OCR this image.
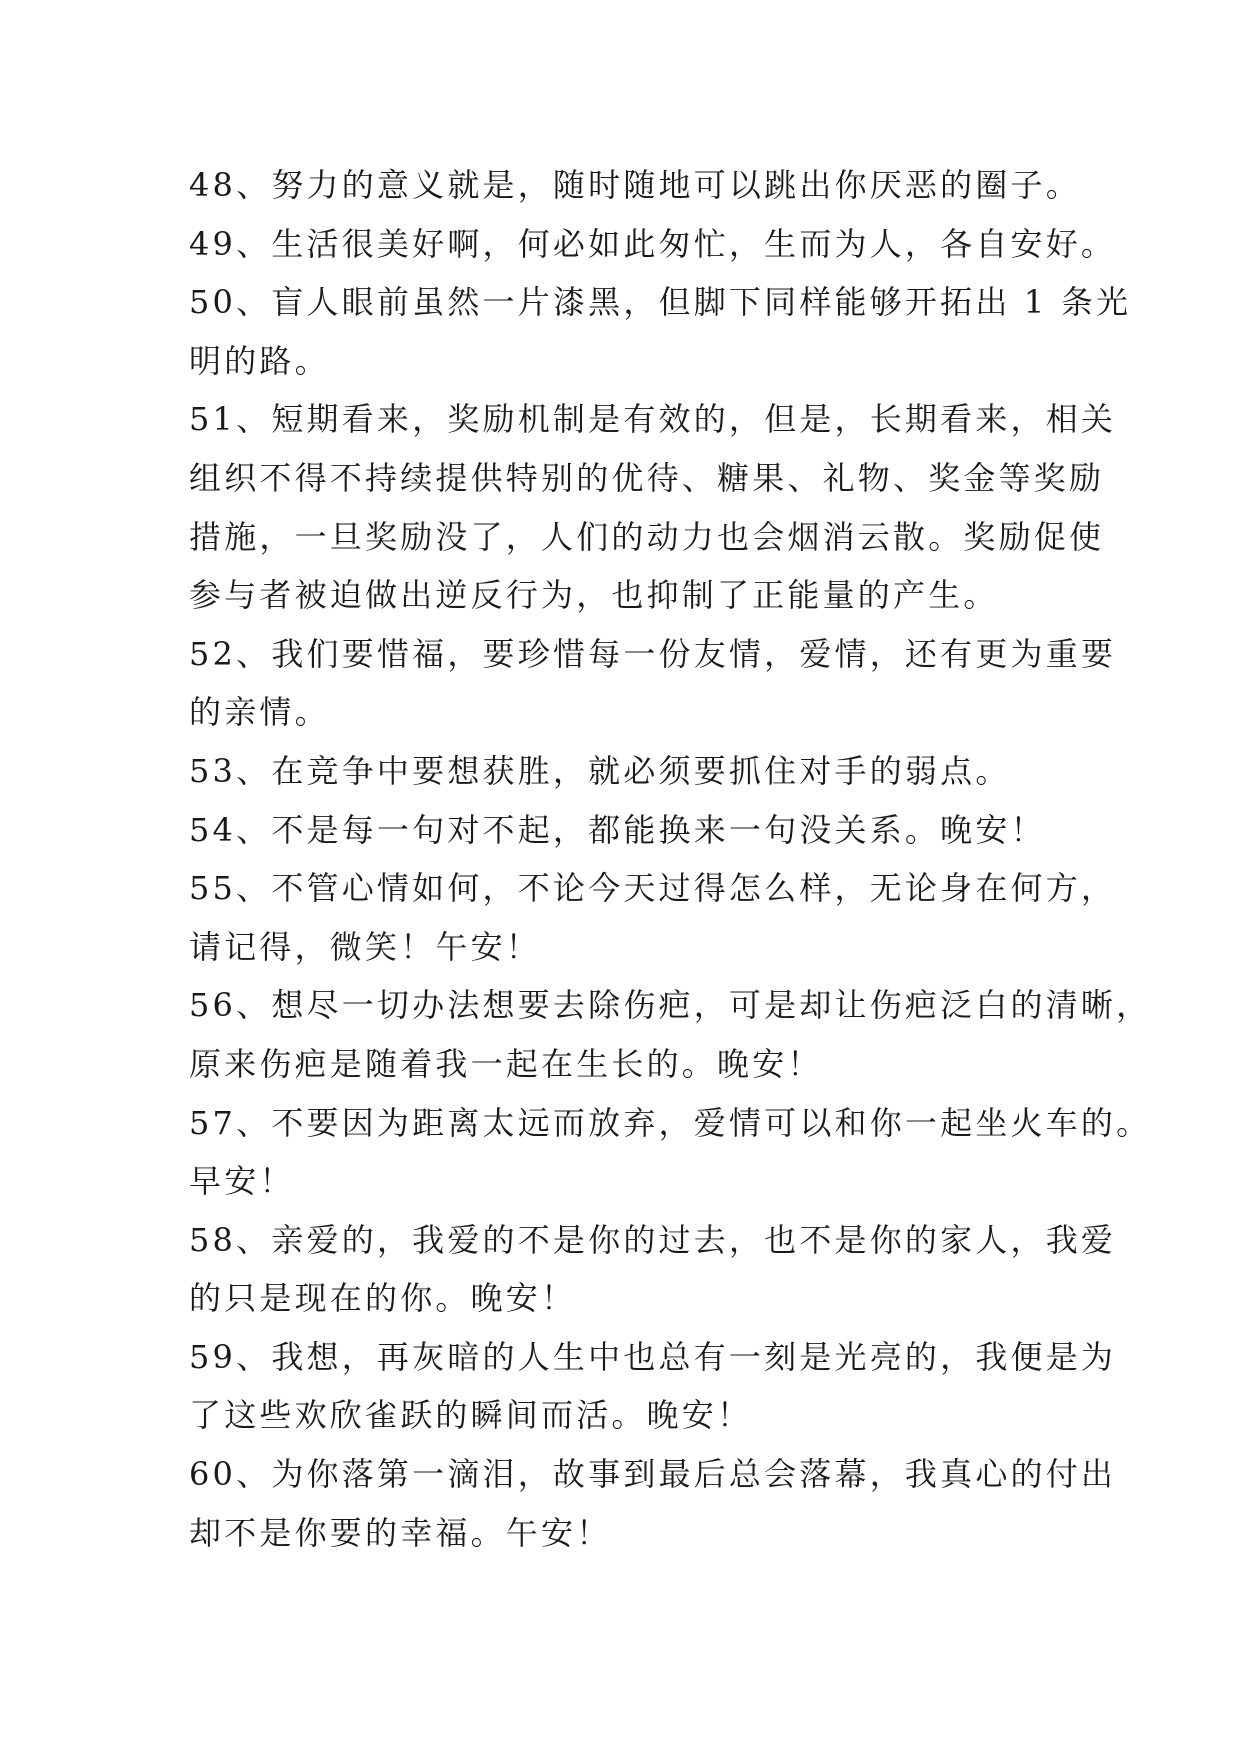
48、努力的意义就是，随时随地可以跳出你厌恶的圈子。
49、生活很美好啊，何必如此匆忙，生而为人，各自安好。
50、盲人眼前虽然一片漆黑，但脚下同样能够开拓出 1 条光
明的路。
51、短期看来，奖励机制是有效的，但是，长期看来，相关
组织不得不持续提供特别的优待、糖果、礼物、奖金等奖励
措施，一旦奖励没了，人们的动力也会烟消云散。奖励促使
参与者被迫做出逆反行为，也抑制了正能量的产生。
52、我们要惜福，要珍惜每一份友情，爱情，还有更为重要
的亲情。
53、在竞争中要想获胜，就必须要抓住对手的弱点。
54、不是每一句对不起，都能换来一句没关系。晚安！
55、不管心情如何，不论今天过得怎么样，无论身在何方，
请记得，微笑！午安！
56、想尽一切办法想要去除伤疤，可是却让伤疤泛白的清晰，
原来伤疤是随着我一起在生长的。晚安！
57、不要因为距离太远而放弃，爱情可以和你一起坐火车的。
早安！
58、亲爱的，我爱的不是你的过去，也不是你的家人，我爱
的只是现在的你。晚安！
59、我想，再灰暗的人生中也总有一刻是光亮的，我便是为
了这些欢欣雀跃的瞬间而活。晚安！
60、为你落第一滴泪，故事到最后总会落幕，我真心的付出
却不是你要的幸福。午安！
